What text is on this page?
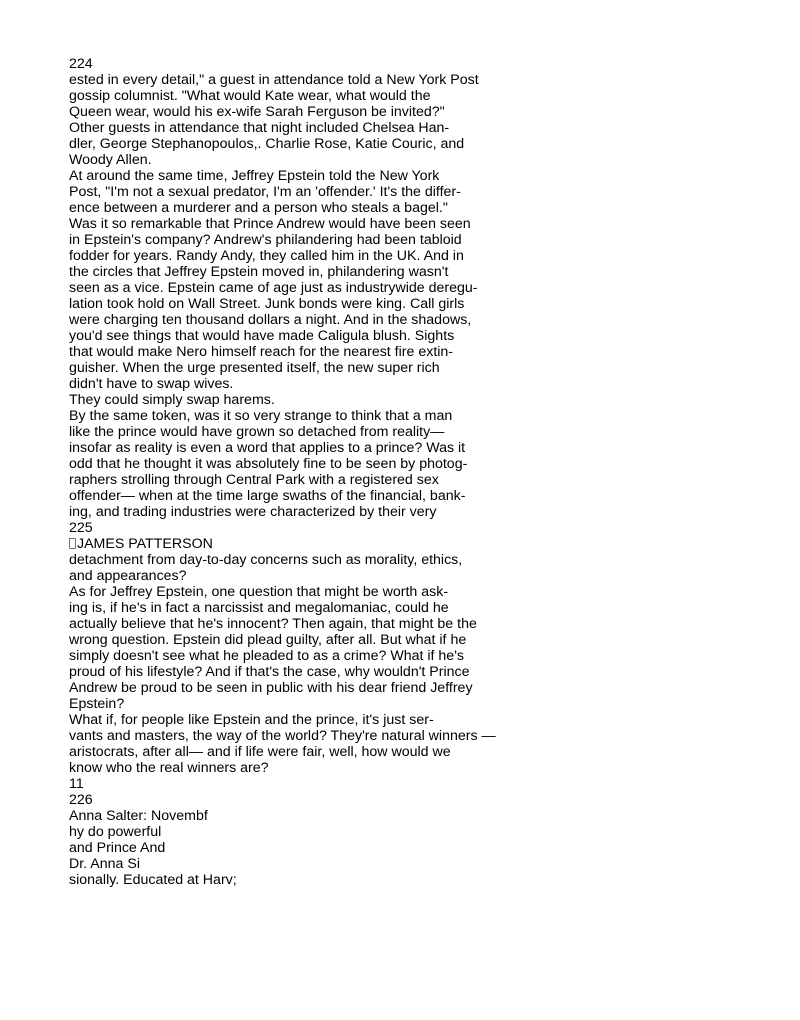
224
ested in every detail," a guest in attendance told a New York Post
gossip columnist. "What would Kate wear, what would the
Queen wear, would his ex-wife Sarah Ferguson be invited?"
Other guests in attendance that night included Chelsea Han-
dler, George Stephanopoulos,. Charlie Rose, Katie Couric, and
Woody Allen.
At around the same time, Jeffrey Epstein told the New York
Post, "I'm not a sexual predator, I'm an 'offender.' It's the differ-
ence between a murderer and a person who steals a bagel."
Was it so remarkable that Prince Andrew would have been seen
in Epstein's company? Andrew's philandering had been tabloid
fodder for years. Randy Andy, they called him in the UK. And in
the circles that Jeffrey Epstein moved in, philandering wasn't
seen as a vice. Epstein came of age just as industrywide deregu-
lation took hold on Wall Street. Junk bonds were king. Call girls
were charging ten thousand dollars a night. And in the shadows,
you'd see things that would have made Caligula blush. Sights
that would make Nero himself reach for the nearest fire extin-
guisher. When the urge presented itself, the new super rich
didn't have to swap wives.
They could simply swap harems.
By the same token, was it so very strange to think that a man
like the prince would have grown so detached from reality—
insofar as reality is even a word that applies to a prince? Was it
odd that he thought it was absolutely fine to be seen by photog-
raphers strolling through Central Park with a registered sex
offender— when at the time large swaths of the financial, bank-
ing, and trading industries were characterized by their very
225
JAMES PATTERSON
detachment from day-to-day concerns such as morality, ethics,
and appearances?
As for Jeffrey Epstein, one question that might be worth ask-
ing is, if he's in fact a narcissist and megalomaniac, could he
actually believe that he's innocent? Then again, that might be the
wrong question. Epstein did plead guilty, after all. But what if he
simply doesn't see what he pleaded to as a crime? What if he's
proud of his lifestyle? And if that's the case, why wouldn't Prince
Andrew be proud to be seen in public with his dear friend Jeffrey
Epstein?
What if, for people like Epstein and the prince, it's just ser-
vants and masters, the way of the world? They're natural winners —
aristocrats, after all— and if life were fair, well, how would we
know who the real winners are?
11
226
Anna Salter: Novembf
hy do powerful
and Prince And
Dr. Anna Si
sionally. Educated at Harv;
